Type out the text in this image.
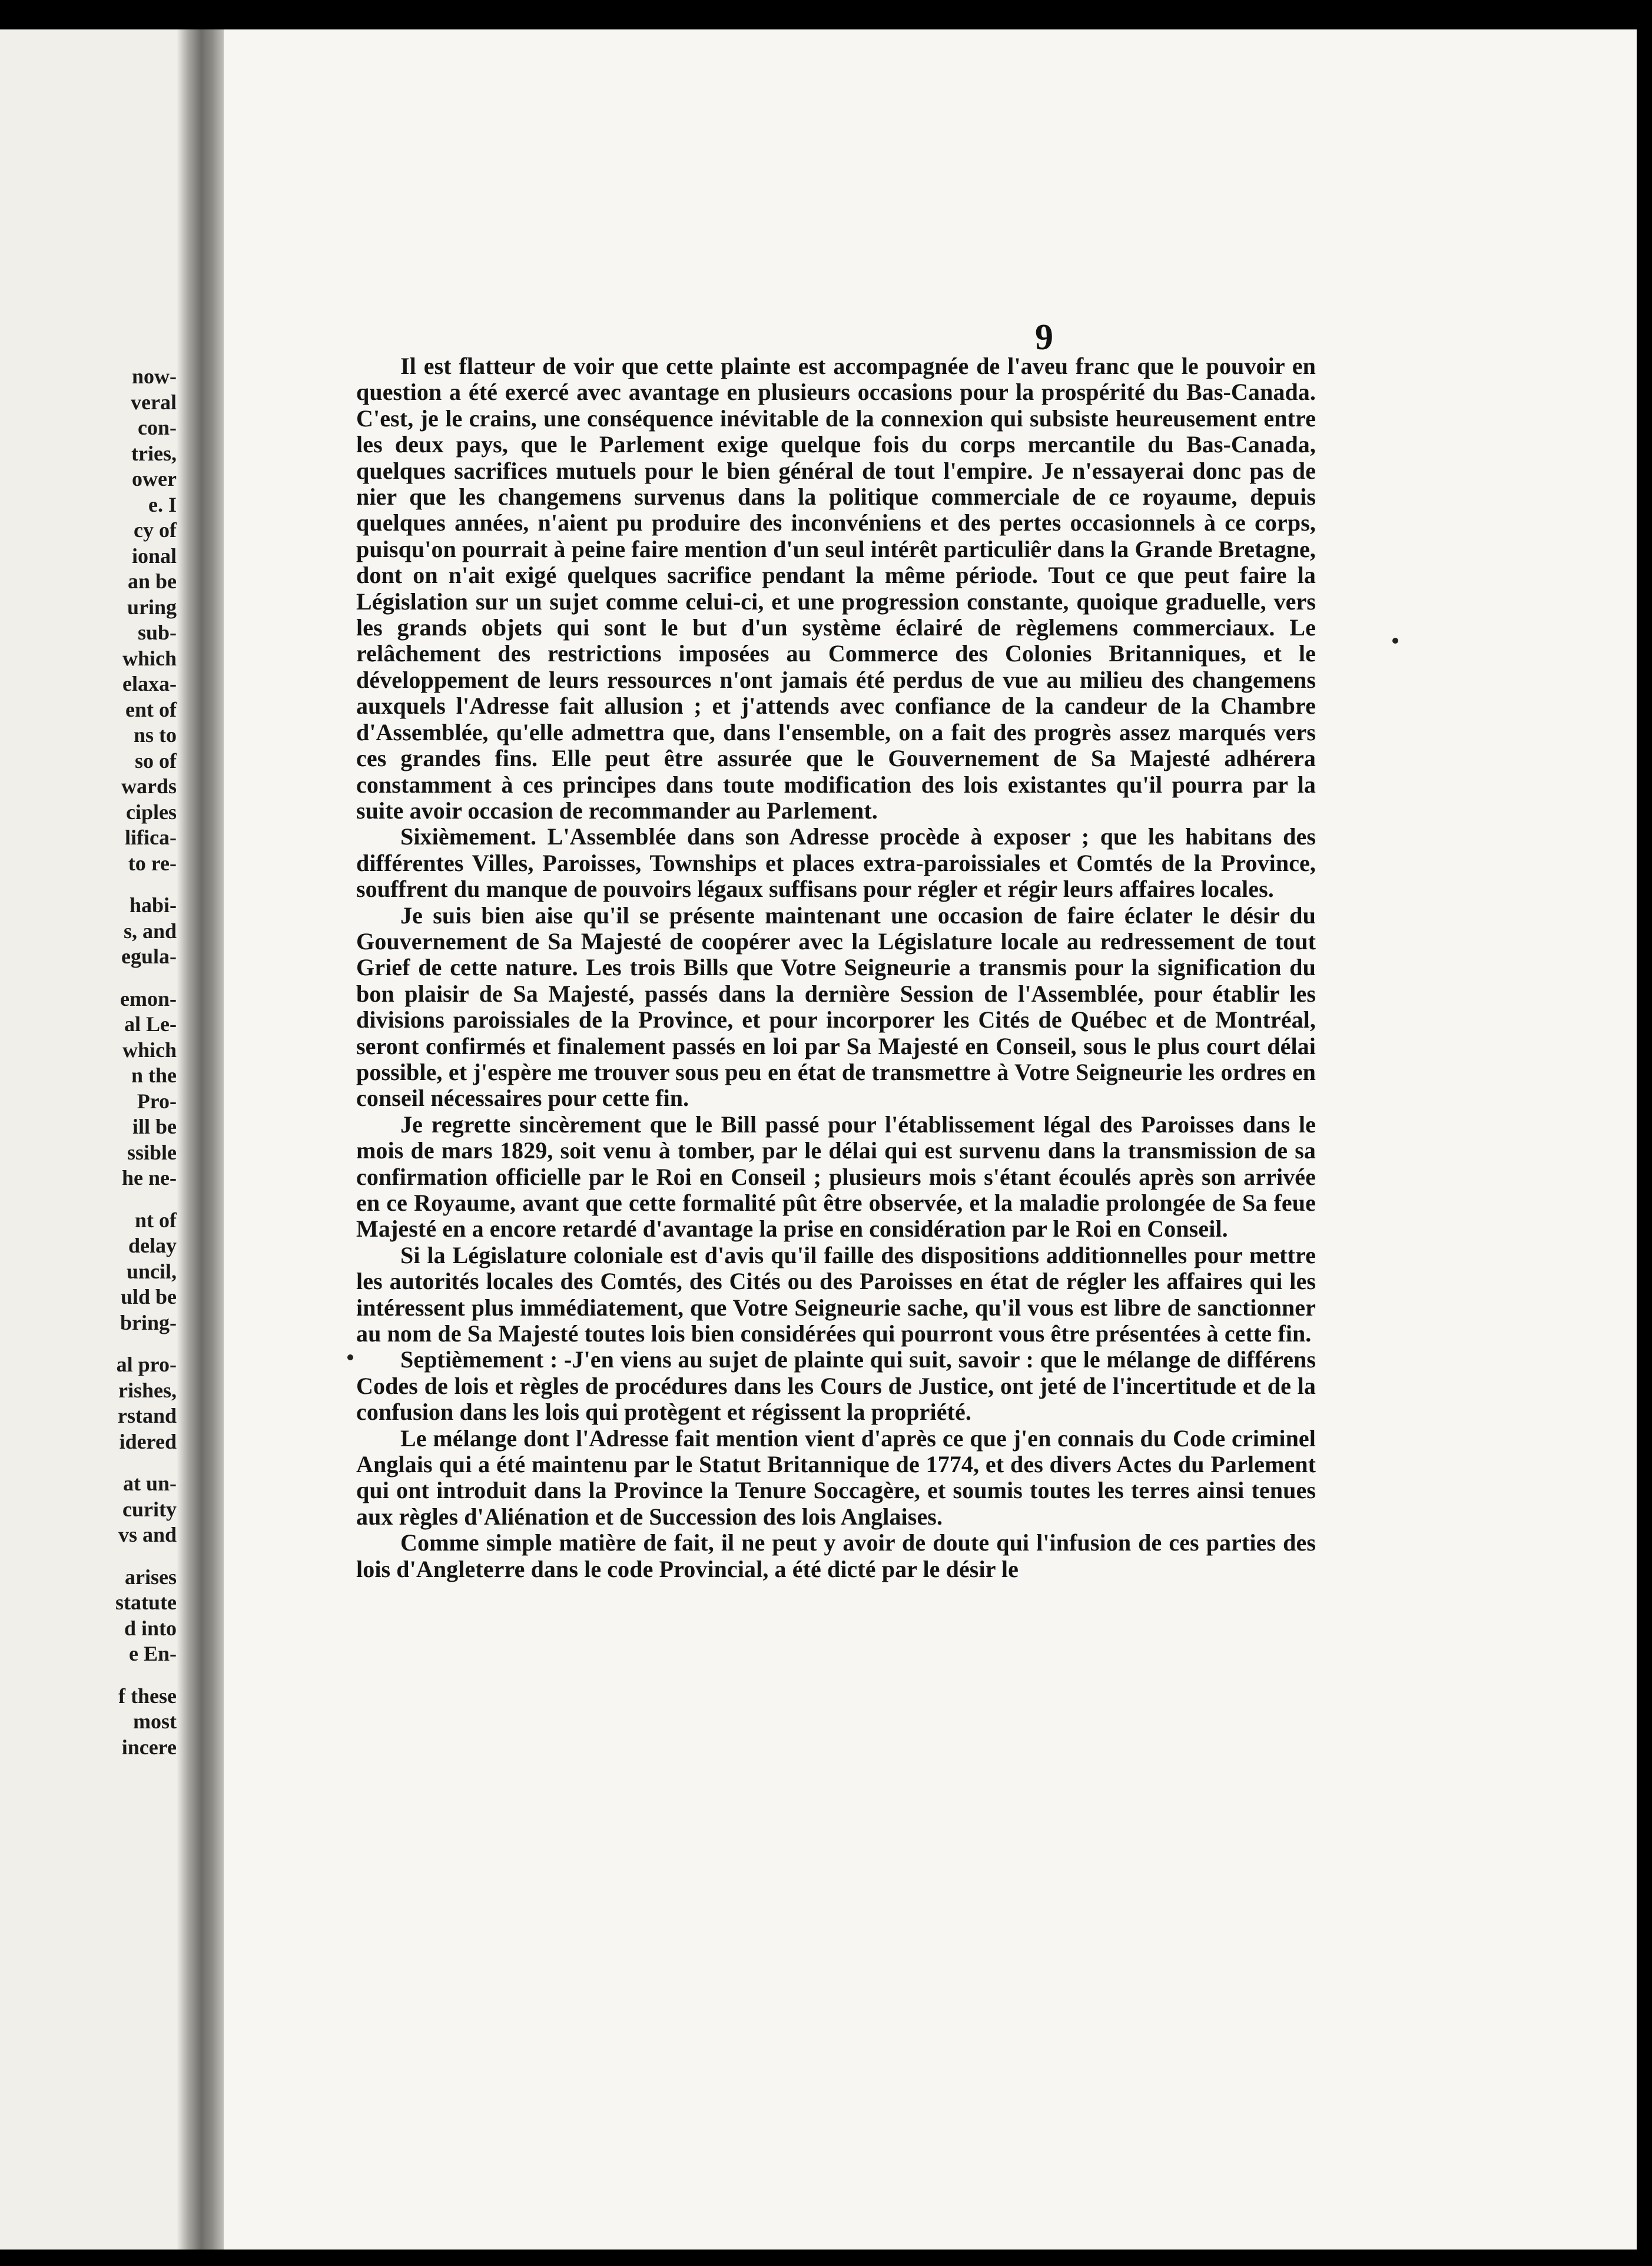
now-
veral
con-
tries,
ower
e. I
cy of
ional
an be
uring
sub-
which
elaxa-
ent of
ns to
so of
wards
ciples
lifica-
to re-
habi-
s, and
egula-
emon-
al Le-
which
n the
Pro-
ill be
ssible
he ne-
nt of
delay
uncil,
uld be
bring-
al pro-
rishes,
rstand
idered
at un-
curity
vs and
arises
statute
d into
e En-
f these
most
incere
9

Il est flatteur de voir que cette plainte est accompagnée de l'aveu franc que le pouvoir en question a été exercé avec avantage en plusieurs occasions pour la prospérité du Bas-Canada. C'est, je le crains, une conséquence inévitable de la connexion qui subsiste heureusement entre les deux pays, que le Parlement exige quelque fois du corps mercantile du Bas-Canada, quelques sacrifices mutuels pour le bien général de tout l'empire. Je n'essayerai donc pas de nier que les changemens survenus dans la politique commerciale de ce royaume, depuis quelques années, n'aient pu produire des inconvéniens et des pertes occasionnels à ce corps, puisqu'on pourrait à peine faire mention d'un seul intérêt particuliêr dans la Grande Bretagne, dont on n'ait exigé quelques sacrifice pendant la même période. Tout ce que peut faire la Législation sur un sujet comme celui-ci, et une progression constante, quoique graduelle, vers les grands objets qui sont le but d'un système éclairé de règlemens commerciaux. Le relâchement des restrictions imposées au Commerce des Colonies Britanniques, et le développement de leurs ressources n'ont jamais été perdus de vue au milieu des changemens auxquels l'Adresse fait allusion ; et j'attends avec confiance de la candeur de la Chambre d'Assemblée, qu'elle admettra que, dans l'ensemble, on a fait des progrès assez marqués vers ces grandes fins. Elle peut être assurée que le Gouvernement de Sa Majesté adhérera constamment à ces principes dans toute modification des lois existantes qu'il pourra par la suite avoir occasion de recommander au Parlement.

Sixièmement. L'Assemblée dans son Adresse procède à exposer ; que les habitans des différentes Villes, Paroisses, Townships et places extra-paroissiales et Comtés de la Province, souffrent du manque de pouvoirs légaux suffisans pour régler et régir leurs affaires locales.

Je suis bien aise qu'il se présente maintenant une occasion de faire éclater le désir du Gouvernement de Sa Majesté de coopérer avec la Législature locale au redressement de tout Grief de cette nature. Les trois Bills que Votre Seigneurie a transmis pour la signification du bon plaisir de Sa Majesté, passés dans la dernière Session de l'Assemblée, pour établir les divisions paroissiales de la Province, et pour incorporer les Cités de Québec et de Montréal, seront confirmés et finalement passés en loi par Sa Majesté en Conseil, sous le plus court délai possible, et j'espère me trouver sous peu en état de transmettre à Votre Seigneurie les ordres en conseil nécessaires pour cette fin.

Je regrette sincèrement que le Bill passé pour l'établissement légal des Paroisses dans le mois de mars 1829, soit venu à tomber, par le délai qui est survenu dans la transmission de sa confirmation officielle par le Roi en Conseil ; plusieurs mois s'étant écoulés après son arrivée en ce Royaume, avant que cette formalité pût être observée, et la maladie prolongée de Sa feue Majesté en a encore retardé d'avantage la prise en considération par le Roi en Conseil.

Si la Législature coloniale est d'avis qu'il faille des dispositions additionnelles pour mettre les autorités locales des Comtés, des Cités ou des Paroisses en état de régler les affaires qui les intéressent plus immédiatement, que Votre Seigneurie sache, qu'il vous est libre de sanctionner au nom de Sa Majesté toutes lois bien considérées qui pourront vous être présentées à cette fin.

Septièmement : -J'en viens au sujet de plainte qui suit, savoir : que le mélange de différens Codes de lois et règles de procédures dans les Cours de Justice, ont jeté de l'incertitude et de la confusion dans les lois qui protègent et régissent la propriété.

Le mélange dont l'Adresse fait mention vient d'après ce que j'en connais du Code criminel Anglais qui a été maintenu par le Statut Britannique de 1774, et des divers Actes du Parlement qui ont introduit dans la Province la Tenure Soccagère, et soumis toutes les terres ainsi tenues aux règles d'Aliénation et de Succession des lois Anglaises.

Comme simple matière de fait, il ne peut y avoir de doute qui l'infusion de ces parties des lois d'Angleterre dans le code Provincial, a été dicté par le désir le
